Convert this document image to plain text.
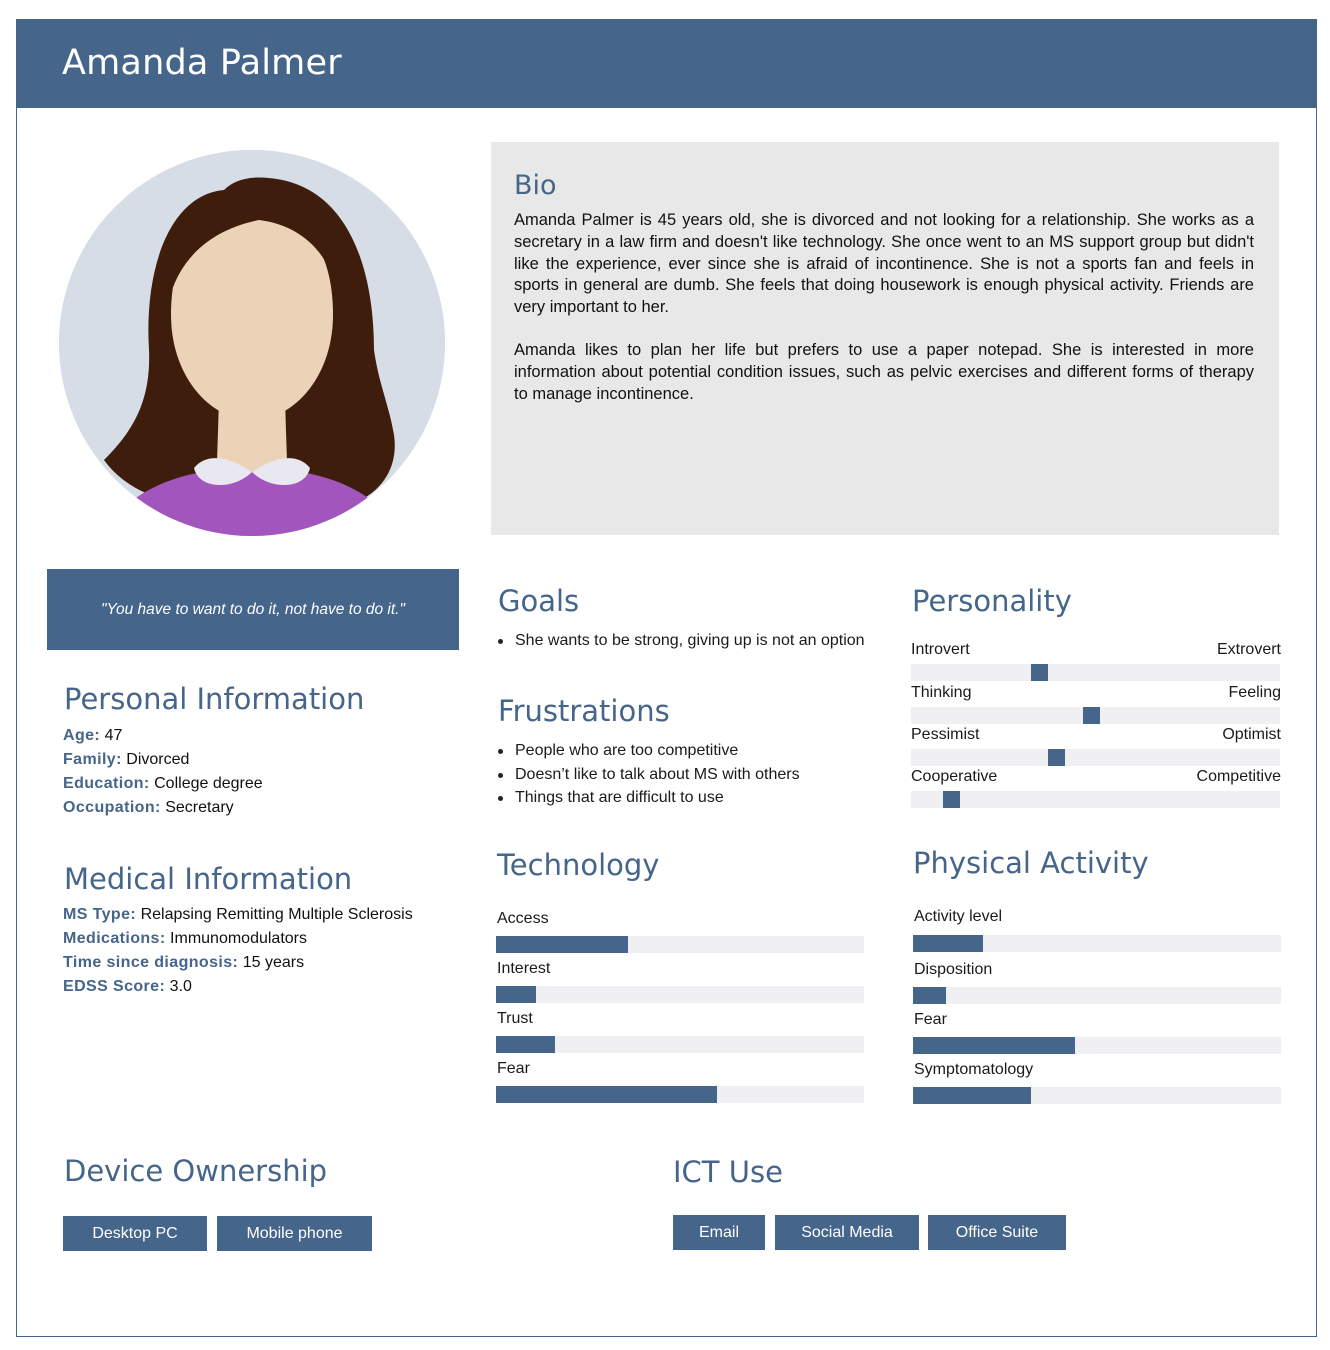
Amanda Palmer
Bio

Amanda Palmer is 45 years old, she is divorced and not looking for a relationship. She works as a secretary in a law firm and doesn't like technology. She once went to an MS support group but didn't like the experience, ever since she is afraid of incontinence. She is not a sports fan and feels in sports in general are dumb. She feels that doing housework is enough physical activity. Friends are very important to her.

Amanda likes to plan her life but prefers to use a paper notepad. She is interested in more information about potential condition issues, such as pelvic exercises and different forms of therapy to manage incontinence.

"You have to want to do it, not have to do it."
Personal Information
Age: 47
Family: Divorced
Education: College degree
Occupation: Secretary
Medical Information
MS Type: Relapsing Remitting Multiple Sclerosis
Medications: Immunomodulators
Time since diagnosis: 15 years
EDSS Score: 3.0
Goals
She wants to be strong, giving up is not an option
Frustrations
People who are too competitive
Doesn’t like to talk about MS with others
Things that are difficult to use
Personality
Introvert	Extrovert
Thinking	Feeling
Pessimist	Optimist
Cooperative	Competitive
Technology
Access
Interest
Trust
Fear
Physical Activity
Activity level
Disposition
Fear
Symptomatology
Device Ownership
Desktop PC	Mobile phone
ICT Use
Email	Social Media	Office Suite
